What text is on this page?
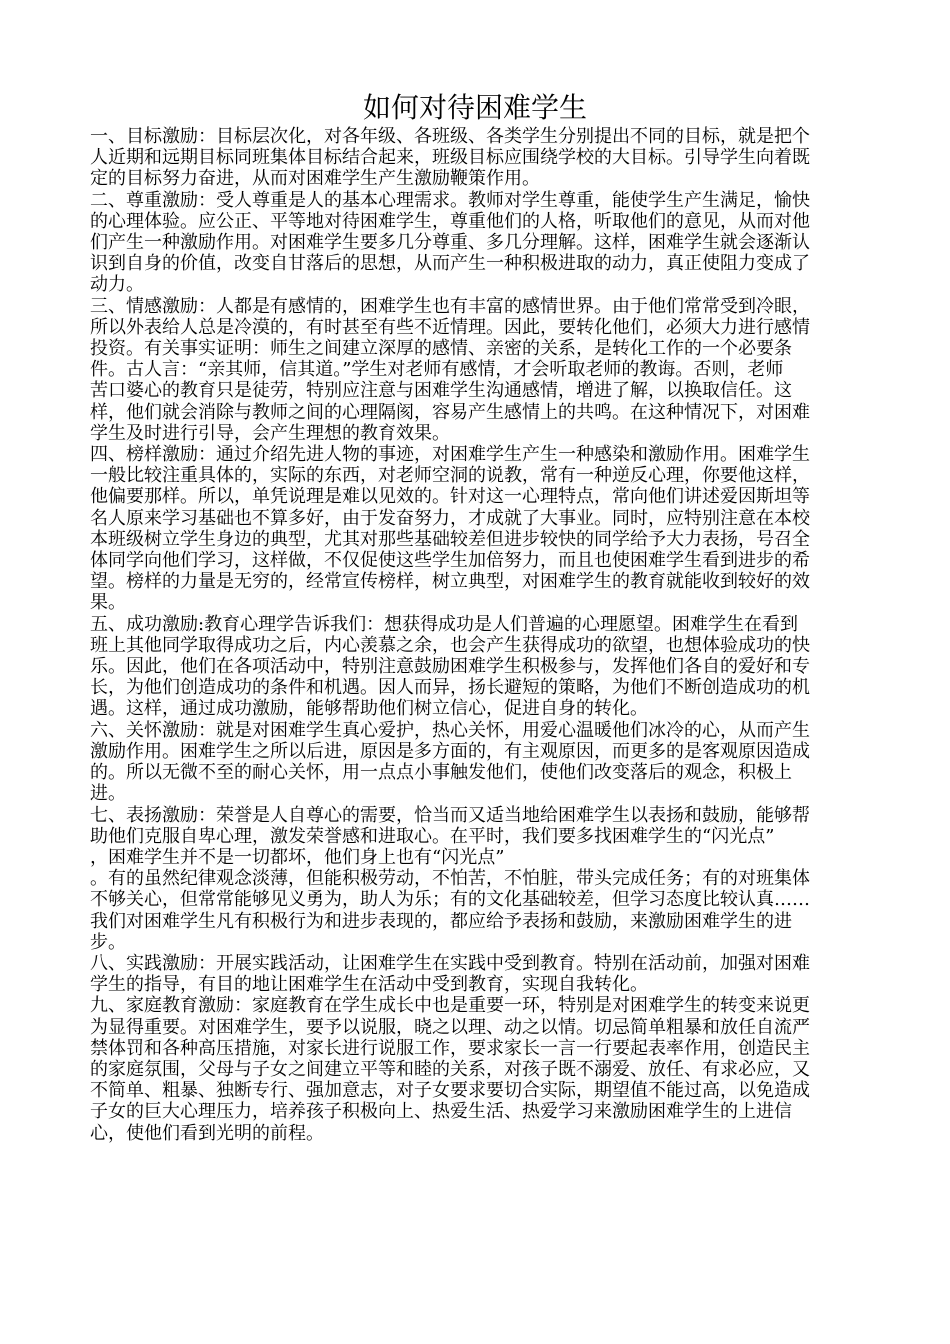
如何对待困难学生
一、目标激励：目标层次化，对各年级、各班级、各类学生分别提出不同的目标，就是把个
人近期和远期目标同班集体目标结合起来，班级目标应围绕学校的大目标。引导学生向着既
定的目标努力奋进，从而对困难学生产生激励鞭策作用。
二、尊重激励：受人尊重是人的基本心理需求。教师对学生尊重，能使学生产生满足，愉快
的心理体验。应公正、平等地对待困难学生，尊重他们的人格，听取他们的意见，从而对他
们产生一种激励作用。对困难学生要多几分尊重、多几分理解。这样，困难学生就会逐渐认
识到自身的价值，改变自甘落后的思想，从而产生一种积极进取的动力，真正使阻力变成了
动力。
三、情感激励：人都是有感情的，困难学生也有丰富的感情世界。由于他们常常受到冷眼，
所以外表给人总是冷漠的，有时甚至有些不近情理。因此，要转化他们，必须大力进行感情
投资。有关事实证明：师生之间建立深厚的感情、亲密的关系，是转化工作的一个必要条
件。古人言：“亲其师，信其道。”学生对老师有感情，才会听取老师的教诲。否则，老师
苦口婆心的教育只是徒劳，特别应注意与困难学生沟通感情，增进了解，以换取信任。这
样，他们就会消除与教师之间的心理隔阂，容易产生感情上的共鸣。在这种情况下，对困难
学生及时进行引导，会产生理想的教育效果。
四、榜样激励：通过介绍先进人物的事迹，对困难学生产生一种感染和激励作用。困难学生
一般比较注重具体的，实际的东西，对老师空洞的说教，常有一种逆反心理，你要他这样，
他偏要那样。所以，单凭说理是难以见效的。针对这一心理特点，常向他们讲述爱因斯坦等
名人原来学习基础也不算多好，由于发奋努力，才成就了大事业。同时，应特别注意在本校
本班级树立学生身边的典型，尤其对那些基础较差但进步较快的同学给予大力表扬，号召全
体同学向他们学习，这样做，不仅促使这些学生加倍努力，而且也使困难学生看到进步的希
望。榜样的力量是无穷的，经常宣传榜样，树立典型，对困难学生的教育就能收到较好的效
果。
五、成功激励:教育心理学告诉我们：想获得成功是人们普遍的心理愿望。困难学生在看到
班上其他同学取得成功之后，内心羡慕之余，也会产生获得成功的欲望，也想体验成功的快
乐。因此，他们在各项活动中，特别注意鼓励困难学生积极参与，发挥他们各自的爱好和专
长，为他们创造成功的条件和机遇。因人而异，扬长避短的策略，为他们不断创造成功的机
遇。这样，通过成功激励，能够帮助他们树立信心，促进自身的转化。
六、关怀激励：就是对困难学生真心爱护，热心关怀，用爱心温暖他们冰冷的心，从而产生
激励作用。困难学生之所以后进，原因是多方面的，有主观原因，而更多的是客观原因造成
的。所以无微不至的耐心关怀，用一点点小事触发他们，使他们改变落后的观念，积极上
进。
七、表扬激励：荣誉是人自尊心的需要，恰当而又适当地给困难学生以表扬和鼓励，能够帮
助他们克服自卑心理，激发荣誉感和进取心。在平时，我们要多找困难学生的“闪光点”
，困难学生并不是一切都坏，他们身上也有“闪光点”
。有的虽然纪律观念淡薄，但能积极劳动，不怕苦，不怕脏，带头完成任务；有的对班集体
不够关心，但常常能够见义勇为，助人为乐；有的文化基础较差，但学习态度比较认真……
我们对困难学生凡有积极行为和进步表现的，都应给予表扬和鼓励，来激励困难学生的进
步。
八、实践激励：开展实践活动，让困难学生在实践中受到教育。特别在活动前，加强对困难
学生的指导，有目的地让困难学生在活动中受到教育，实现自我转化。
九、家庭教育激励：家庭教育在学生成长中也是重要一环，特别是对困难学生的转变来说更
为显得重要。对困难学生，要予以说服，晓之以理、动之以情。切忌简单粗暴和放任自流严
禁体罚和各种高压措施，对家长进行说服工作，要求家长一言一行要起表率作用，创造民主
的家庭氛围，父母与子女之间建立平等和睦的关系，对孩子既不溺爱、放任、有求必应，又
不简单、粗暴、独断专行、强加意志，对子女要求要切合实际，期望值不能过高，以免造成
子女的巨大心理压力，培养孩子积极向上、热爱生活、热爱学习来激励困难学生的上进信
心，使他们看到光明的前程。
